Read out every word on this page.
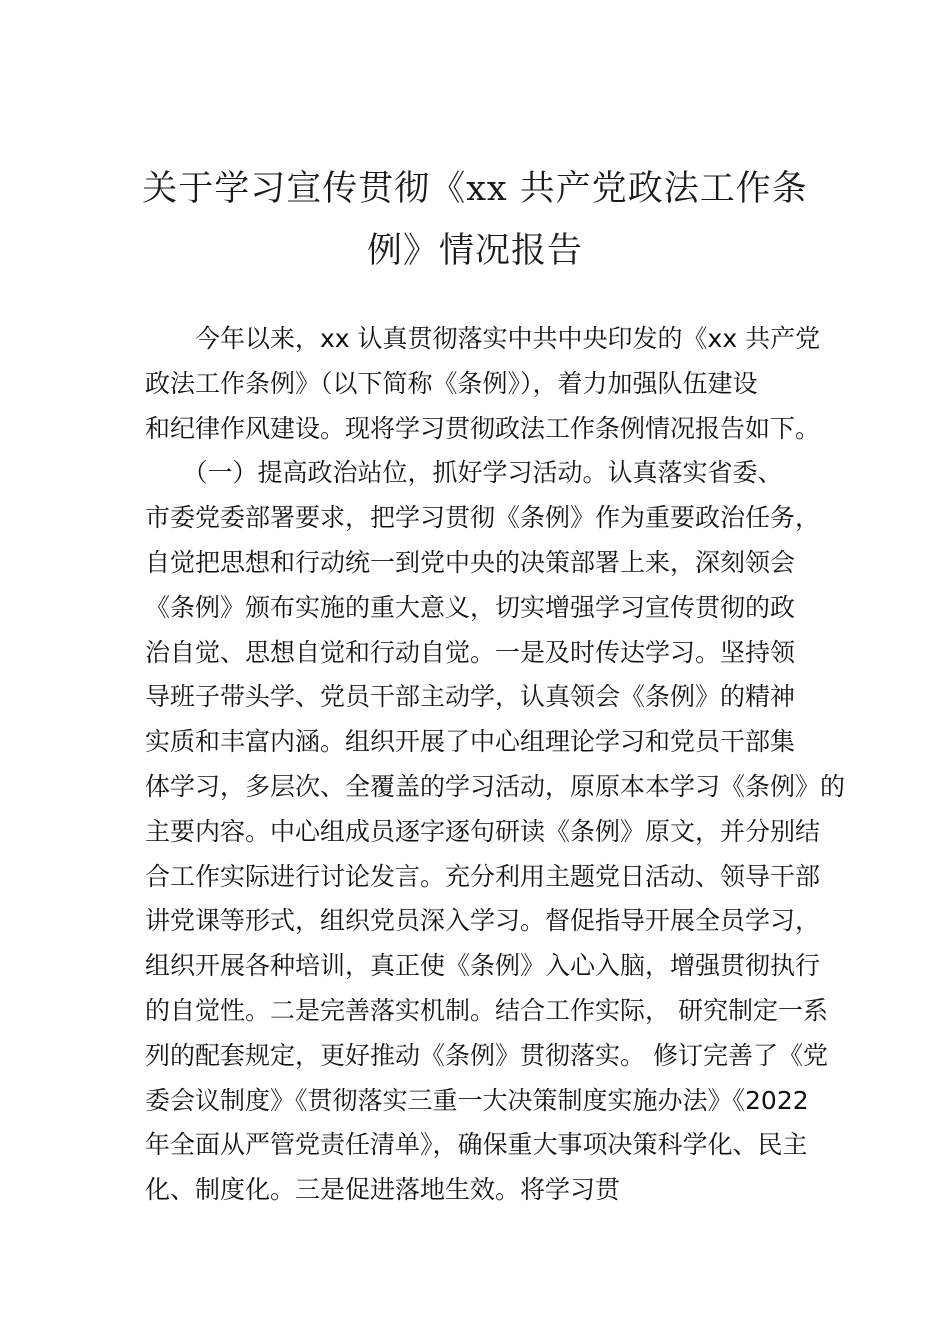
关于学习宣传贯彻《xx 共产党政法工作条
例》情况报告
　　今年以来，xx 认真贯彻落实中共中央印发的《xx 共产党
政法工作条例》（以下简称《条例》），着力加强队伍建设
和纪律作风建设。现将学习贯彻政法工作条例情况报告如下。
　　（一）提高政治站位，抓好学习活动。认真落实省委、
市委党委部署要求，把学习贯彻《条例》作为重要政治任务，
自觉把思想和行动统一到党中央的决策部署上来，深刻领会
《条例》颁布实施的重大意义，切实增强学习宣传贯彻的政
治自觉、思想自觉和行动自觉。一是及时传达学习。坚持领
导班子带头学、党员干部主动学，认真领会《条例》的精神
实质和丰富内涵。组织开展了中心组理论学习和党员干部集
体学习，多层次、全覆盖的学习活动，原原本本学习《条例》的
主要内容。中心组成员逐字逐句研读《条例》原文，并分别结
合工作实际进行讨论发言。充分利用主题党日活动、领导干部
讲党课等形式，组织党员深入学习。督促指导开展全员学习，
组织开展各种培训，真正使《条例》入心入脑，增强贯彻执行
的自觉性。二是完善落实机制。结合工作实际， 研究制定一系
列的配套规定，更好推动《条例》贯彻落实。 修订完善了《党
委会议制度》《贯彻落实三重一大决策制度实施办法》《2022
年全面从严管党责任清单》，确保重大事项决策科学化、民主
化、制度化。三是促进落地生效。将学习贯
